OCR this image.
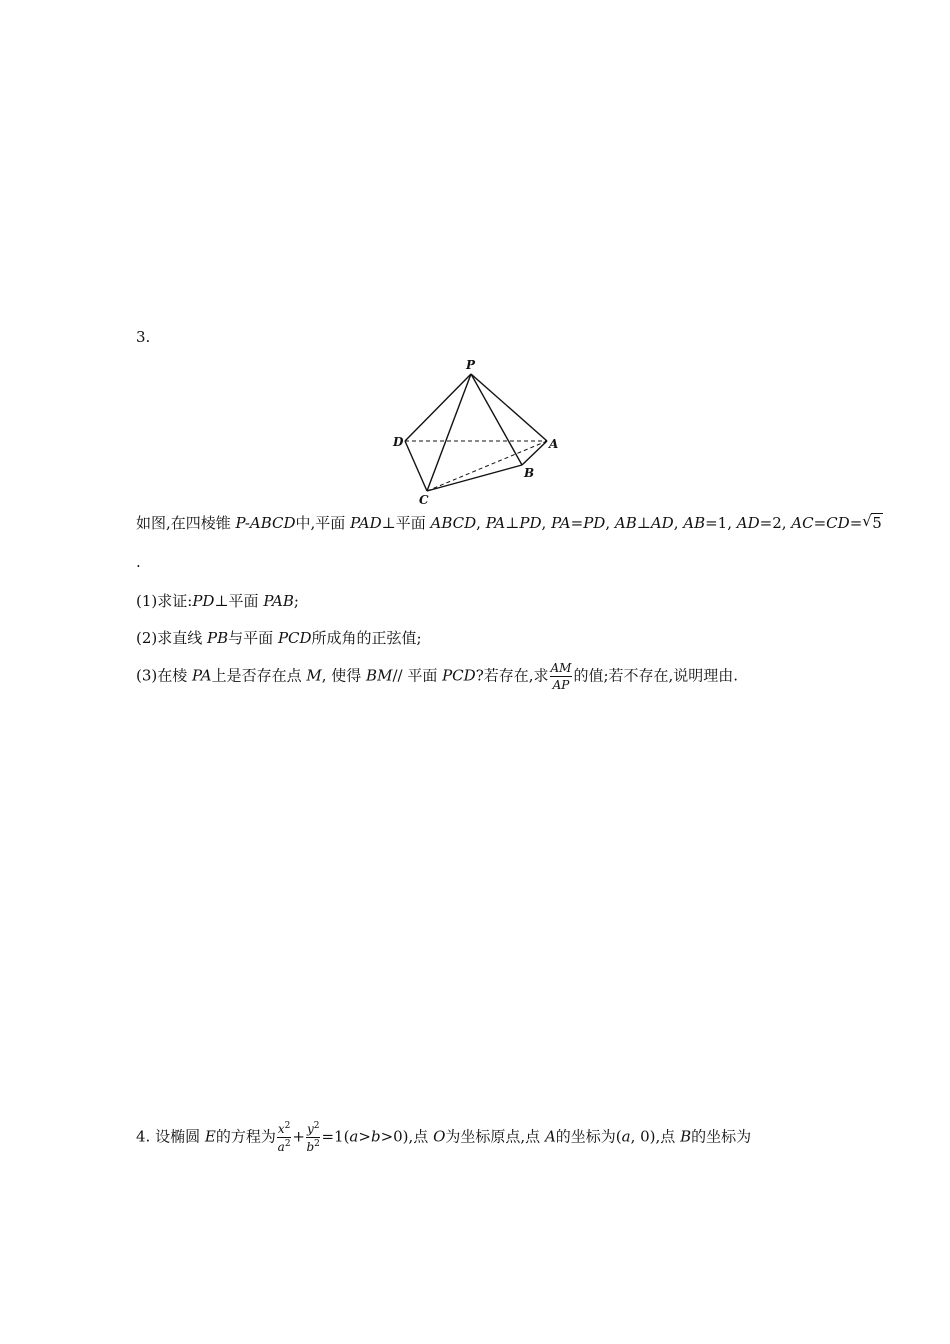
3.
P
D	A
B
C
如图,在四棱锥 P-ABCD中,平面 PAD⊥平面 ABCD, PA⊥PD, PA=PD, AB⊥AD, AB=1, AD=2, AC=CD= √ 5
.
(1)求证:PD⊥平面 PAB;
(2)求直线 PB与平面 PCD所成角的正弦值;
(3)在棱 PA上是否存在点 M, 使得 BM// 平面 PCD?若存在,求 $\frac{AM}{AP}$ 的值;若不存在,说明理由.
4. 设椭圆 E的方程为 $\frac{x^2}{a^2} + \frac{y^2}{b^2} =1(a>b>0)$,点 O为坐标原点,点 A的坐标为(a, 0),点 B的坐标为
